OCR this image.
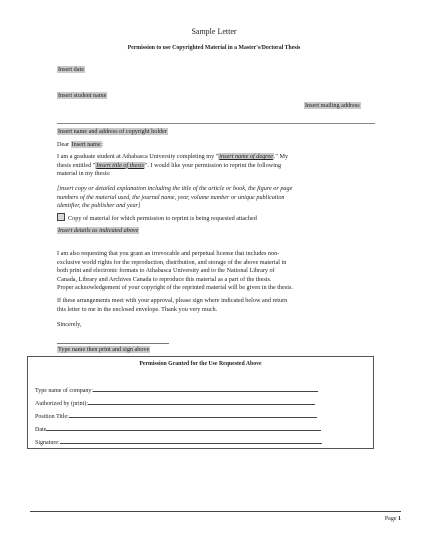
Sample Letter
Permission to use Copyrighted Material in a Master's/Doctoral Thesis
Insert date
Insert student name
Insert mailing address
Insert name and address of copyright holder
Dear Insert name:
I am a graduate student at Athabasca University completing my "insert name of degree." My
thesis entitled "Insert title of thesis". I would like your permission to reprint the following
material in my thesis:
[insert copy or detailed explanation including the title of the article or book, the figure or page
numbers of the material used, the journal name, year, volume number or unique publication
identifier, the publisher and year]
Copy of material for which permission to reprint is being requested attached
Insert details as indicated above
I am also requesting that you grant an irrevocable and perpetual license that includes non-
exclusive world rights for the reproduction, distribution, and storage of the above material in
both print and electronic formats to Athabasca University and to the National Library of
Canada, Library and Archives Canada to reproduce this material as a part of the thesis.
Proper acknowledgement of your copyright of the reprinted material will be given in the thesis.
If these arrangements meet with your approval, please sign where indicated below and return
this letter to me in the enclosed envelope. Thank you very much.
Sincerely,
Type name then print and sign above
Permission Granted for the Use Requested Above
Type name of company:
Authorized by (print):
Position Title:
Date
Signature:
Page 1
